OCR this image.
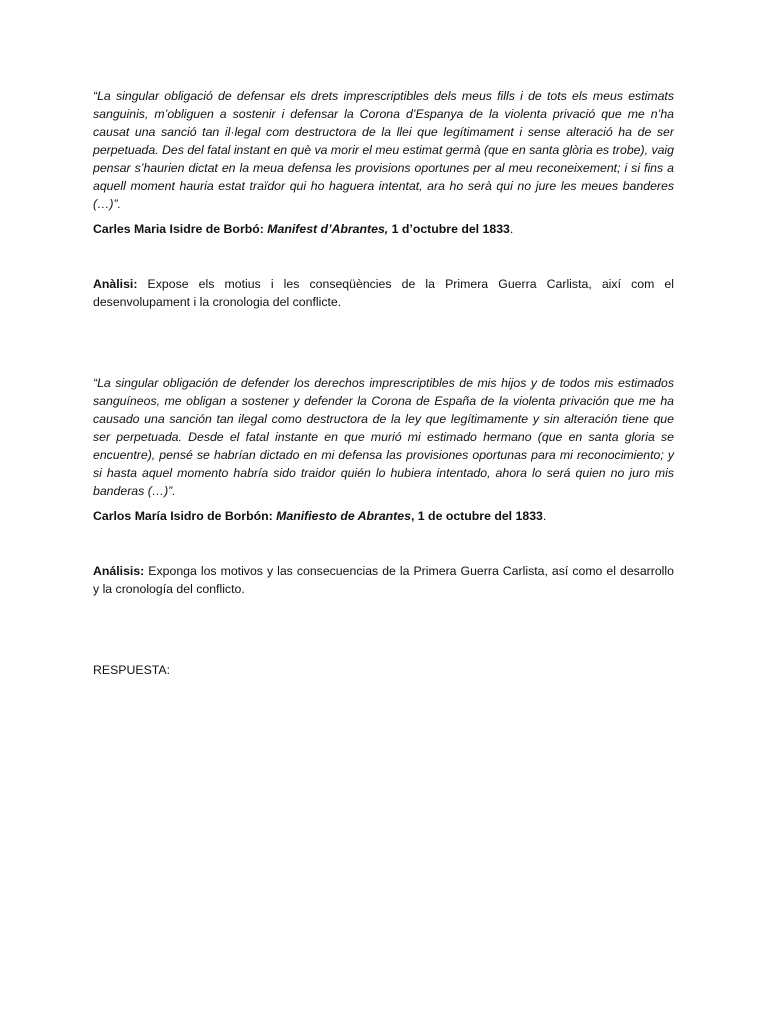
“La singular obligació de defensar els drets imprescriptibles dels meus fills i de tots els meus estimats sanguinis, m’obliguen a sostenir i defensar la Corona d’Espanya de la violenta privació que me n’ha causat una sanció tan il·legal com destructora de la llei que legítimament i sense alteració ha de ser perpetuada. Des del fatal instant en què va morir el meu estimat germà (que en santa glòria es trobe), vaig pensar s’haurien dictat en la meua defensa les provisions oportunes per al meu reconeixement; i si fins a aquell moment hauria estat traïdor qui ho haguera intentat, ara ho serà qui no jure les meues banderes (…)”.

Carles Maria Isidre de Borbó: Manifest d’Abrantes, 1 d’octubre del 1833.

Anàlisi: Expose els motius i les conseqüències de la Primera Guerra Carlista, així com el desenvolupament i la cronologia del conflicte.

“La singular obligación de defender los derechos imprescriptibles de mis hijos y de todos mis estimados sanguíneos, me obligan a sostener y defender la Corona de España de la violenta privación que me ha causado una sanción tan ilegal como destructora de la ley que legítimamente y sin alteración tiene que ser perpetuada. Desde el fatal instante en que murió mi estimado hermano (que en santa gloria se encuentre), pensé se habrían dictado en mi defensa las provisiones oportunas para mi reconocimiento; y si hasta aquel momento habría sido traidor quién lo hubiera intentado, ahora lo será quien no juro mis banderas (…)”.

Carlos María Isidro de Borbón: Manifiesto de Abrantes, 1 de octubre del 1833.

Análisis: Exponga los motivos y las consecuencias de la Primera Guerra Carlista, así como el desarrollo y la cronología del conflicto.

RESPUESTA:
